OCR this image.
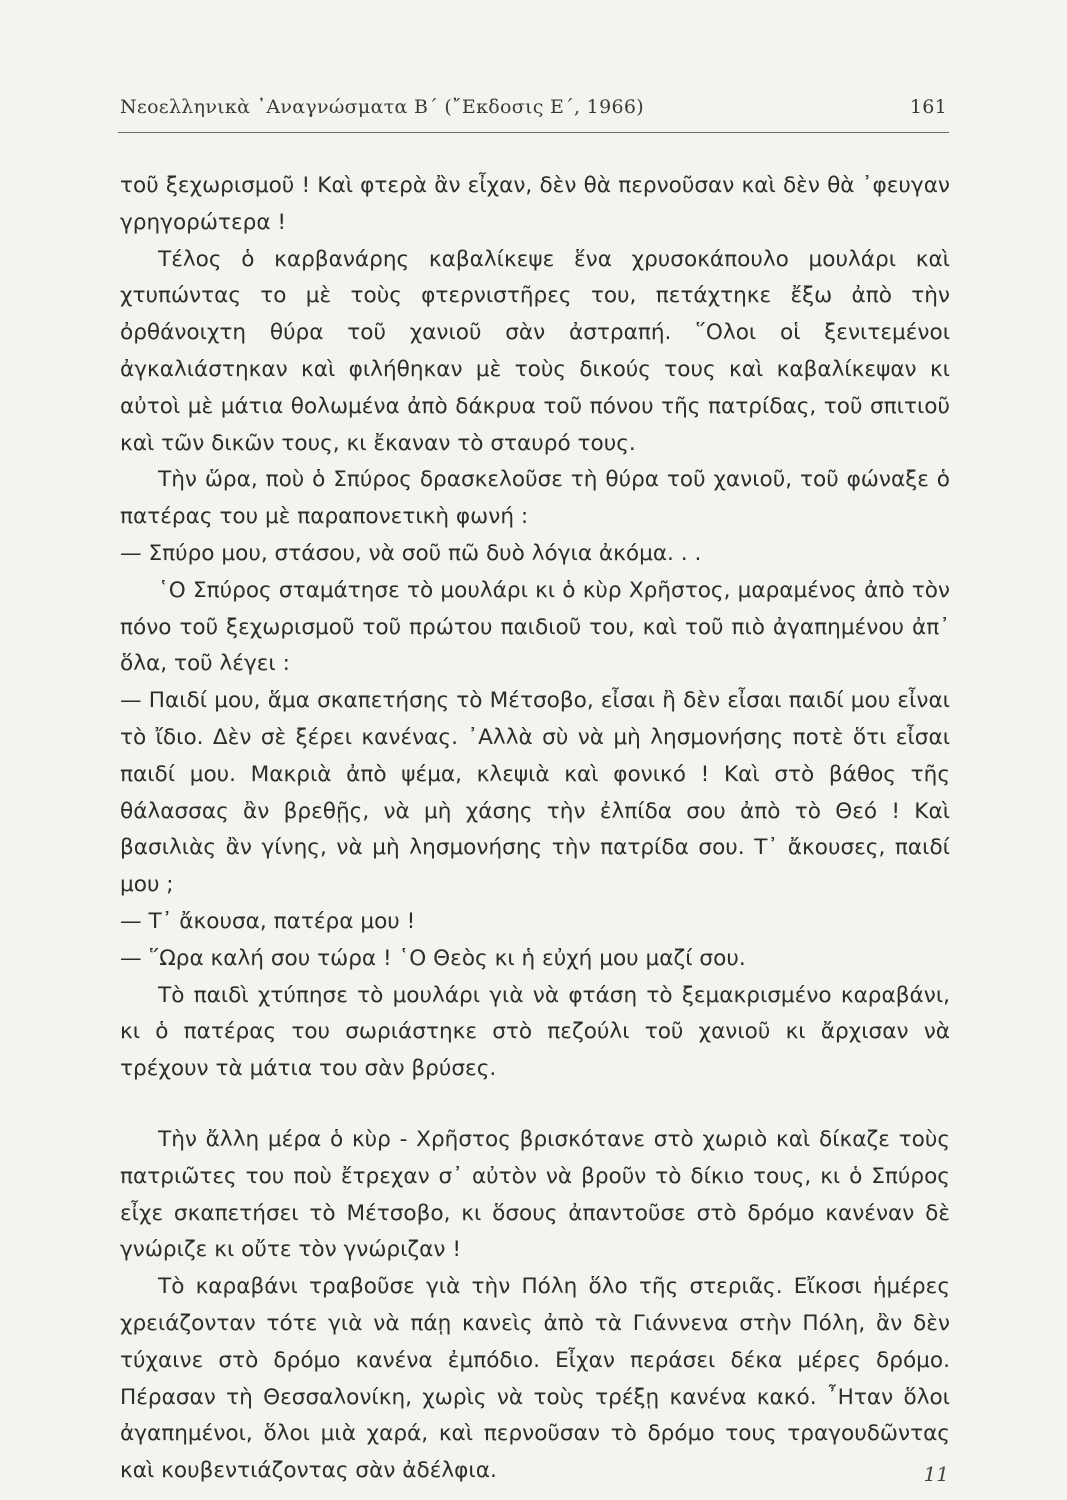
Νεοελληνικὰ ᾿Αναγνώσματα Β΄ (῎Εκδοσις Ε΄, 1966)	161

τοῦ ξεχωρισμοῦ ! Καὶ φτερὰ ἂν εἶχαν, δὲν θὰ περνοῦσαν καὶ δὲν θὰ ᾿φευγαν γρηγορώτερα !

Τέλος ὁ καρβανάρης καβαλίκεψε ἕνα χρυσοκάπουλο μουλάρι καὶ χτυπώντας το μὲ τοὺς φτερνιστῆρες του, πετάχτηκε ἔξω ἀπὸ τὴν ὀρθάνοιχτη θύρα τοῦ χανιοῦ σὰν ἀστραπή. ῞Ολοι οἱ ξενιτεμένοι ἀγκαλιάστηκαν καὶ φιλήθηκαν μὲ τοὺς δικούς τους καὶ καβαλίκεψαν κι αὐτοὶ μὲ μάτια θολωμένα ἀπὸ δάκρυα τοῦ πόνου τῆς πατρίδας, τοῦ σπιτιοῦ καὶ τῶν δικῶν τους, κι ἔκαναν τὸ σταυρό τους.

Τὴν ὥρα, ποὺ ὁ Σπύρος δρασκελοῦσε τὴ θύρα τοῦ χανιοῦ, τοῦ φώναξε ὁ πατέρας του μὲ παραπονετικὴ φωνή :

— Σπύρο μου, στάσου, νὰ σοῦ πῶ δυὸ λόγια ἀκόμα. . .

῾Ο Σπύρος σταμάτησε τὸ μουλάρι κι ὁ κὺρ Χρῆστος, μαραμένος ἀπὸ τὸν πόνο τοῦ ξεχωρισμοῦ τοῦ πρώτου παιδιοῦ του, καὶ τοῦ πιὸ ἀγαπημένου ἀπ᾿ ὅλα, τοῦ λέγει :

— Παιδί μου, ἅμα σκαπετήσης τὸ Μέτσοβο, εἶσαι ἢ δὲν εἶσαι παιδί μου εἶναι τὸ ἴδιο. Δὲν σὲ ξέρει κανένας. ᾿Αλλὰ σὺ νὰ μὴ λησμονήσης ποτὲ ὅτι εἶσαι παιδί μου. Μακριὰ ἀπὸ ψέμα, κλεψιὰ καὶ φονικό ! Καὶ στὸ βάθος τῆς θάλασσας ἂν βρεθῇς, νὰ μὴ χάσης τὴν ἐλπίδα σου ἀπὸ τὸ Θεό ! Καὶ βασιλιὰς ἂν γίνης, νὰ μὴ λησμονήσης τὴν πατρίδα σου. Τ᾿ ἄκουσες, παιδί μου ;

— Τ᾿ ἄκουσα, πατέρα μου !

— ῞Ωρα καλή σου τώρα ! ῾Ο Θεὸς κι ἡ εὐχή μου μαζί σου.

Τὸ παιδὶ χτύπησε τὸ μουλάρι γιὰ νὰ φτάση τὸ ξεμακρισμένο καραβάνι, κι ὁ πατέρας του σωριάστηκε στὸ πεζούλι τοῦ χανιοῦ κι ἄρχισαν νὰ τρέχουν τὰ μάτια του σὰν βρύσες.

Τὴν ἄλλη μέρα ὁ κὺρ - Χρῆστος βρισκότανε στὸ χωριὸ καὶ δίκαζε τοὺς πατριῶτες του ποὺ ἔτρεχαν σ᾿ αὐτὸν νὰ βροῦν τὸ δίκιο τους, κι ὁ Σπύρος εἶχε σκαπετήσει τὸ Μέτσοβο, κι ὅσους ἀπαντοῦσε στὸ δρόμο κανέναν δὲ γνώριζε κι οὔτε τὸν γνώριζαν !

Τὸ καραβάνι τραβοῦσε γιὰ τὴν Πόλη ὅλο τῆς στεριᾶς. Εἴκοσι ἡμέρες χρειάζονταν τότε γιὰ νὰ πάῃ κανεὶς ἀπὸ τὰ Γιάννενα στὴν Πόλη, ἂν δὲν τύχαινε στὸ δρόμο κανένα ἐμπόδιο. Εἶχαν περάσει δέκα μέρες δρόμο. Πέρασαν τὴ Θεσσαλονίκη, χωρὶς νὰ τοὺς τρέξῃ κανένα κακό. ῏Ηταν ὅλοι ἀγαπημένοι, ὅλοι μιὰ χαρά, καὶ περνοῦσαν τὸ δρόμο τους τραγουδῶντας καὶ κουβεντιάζοντας σὰν ἀδέλφια.	11
